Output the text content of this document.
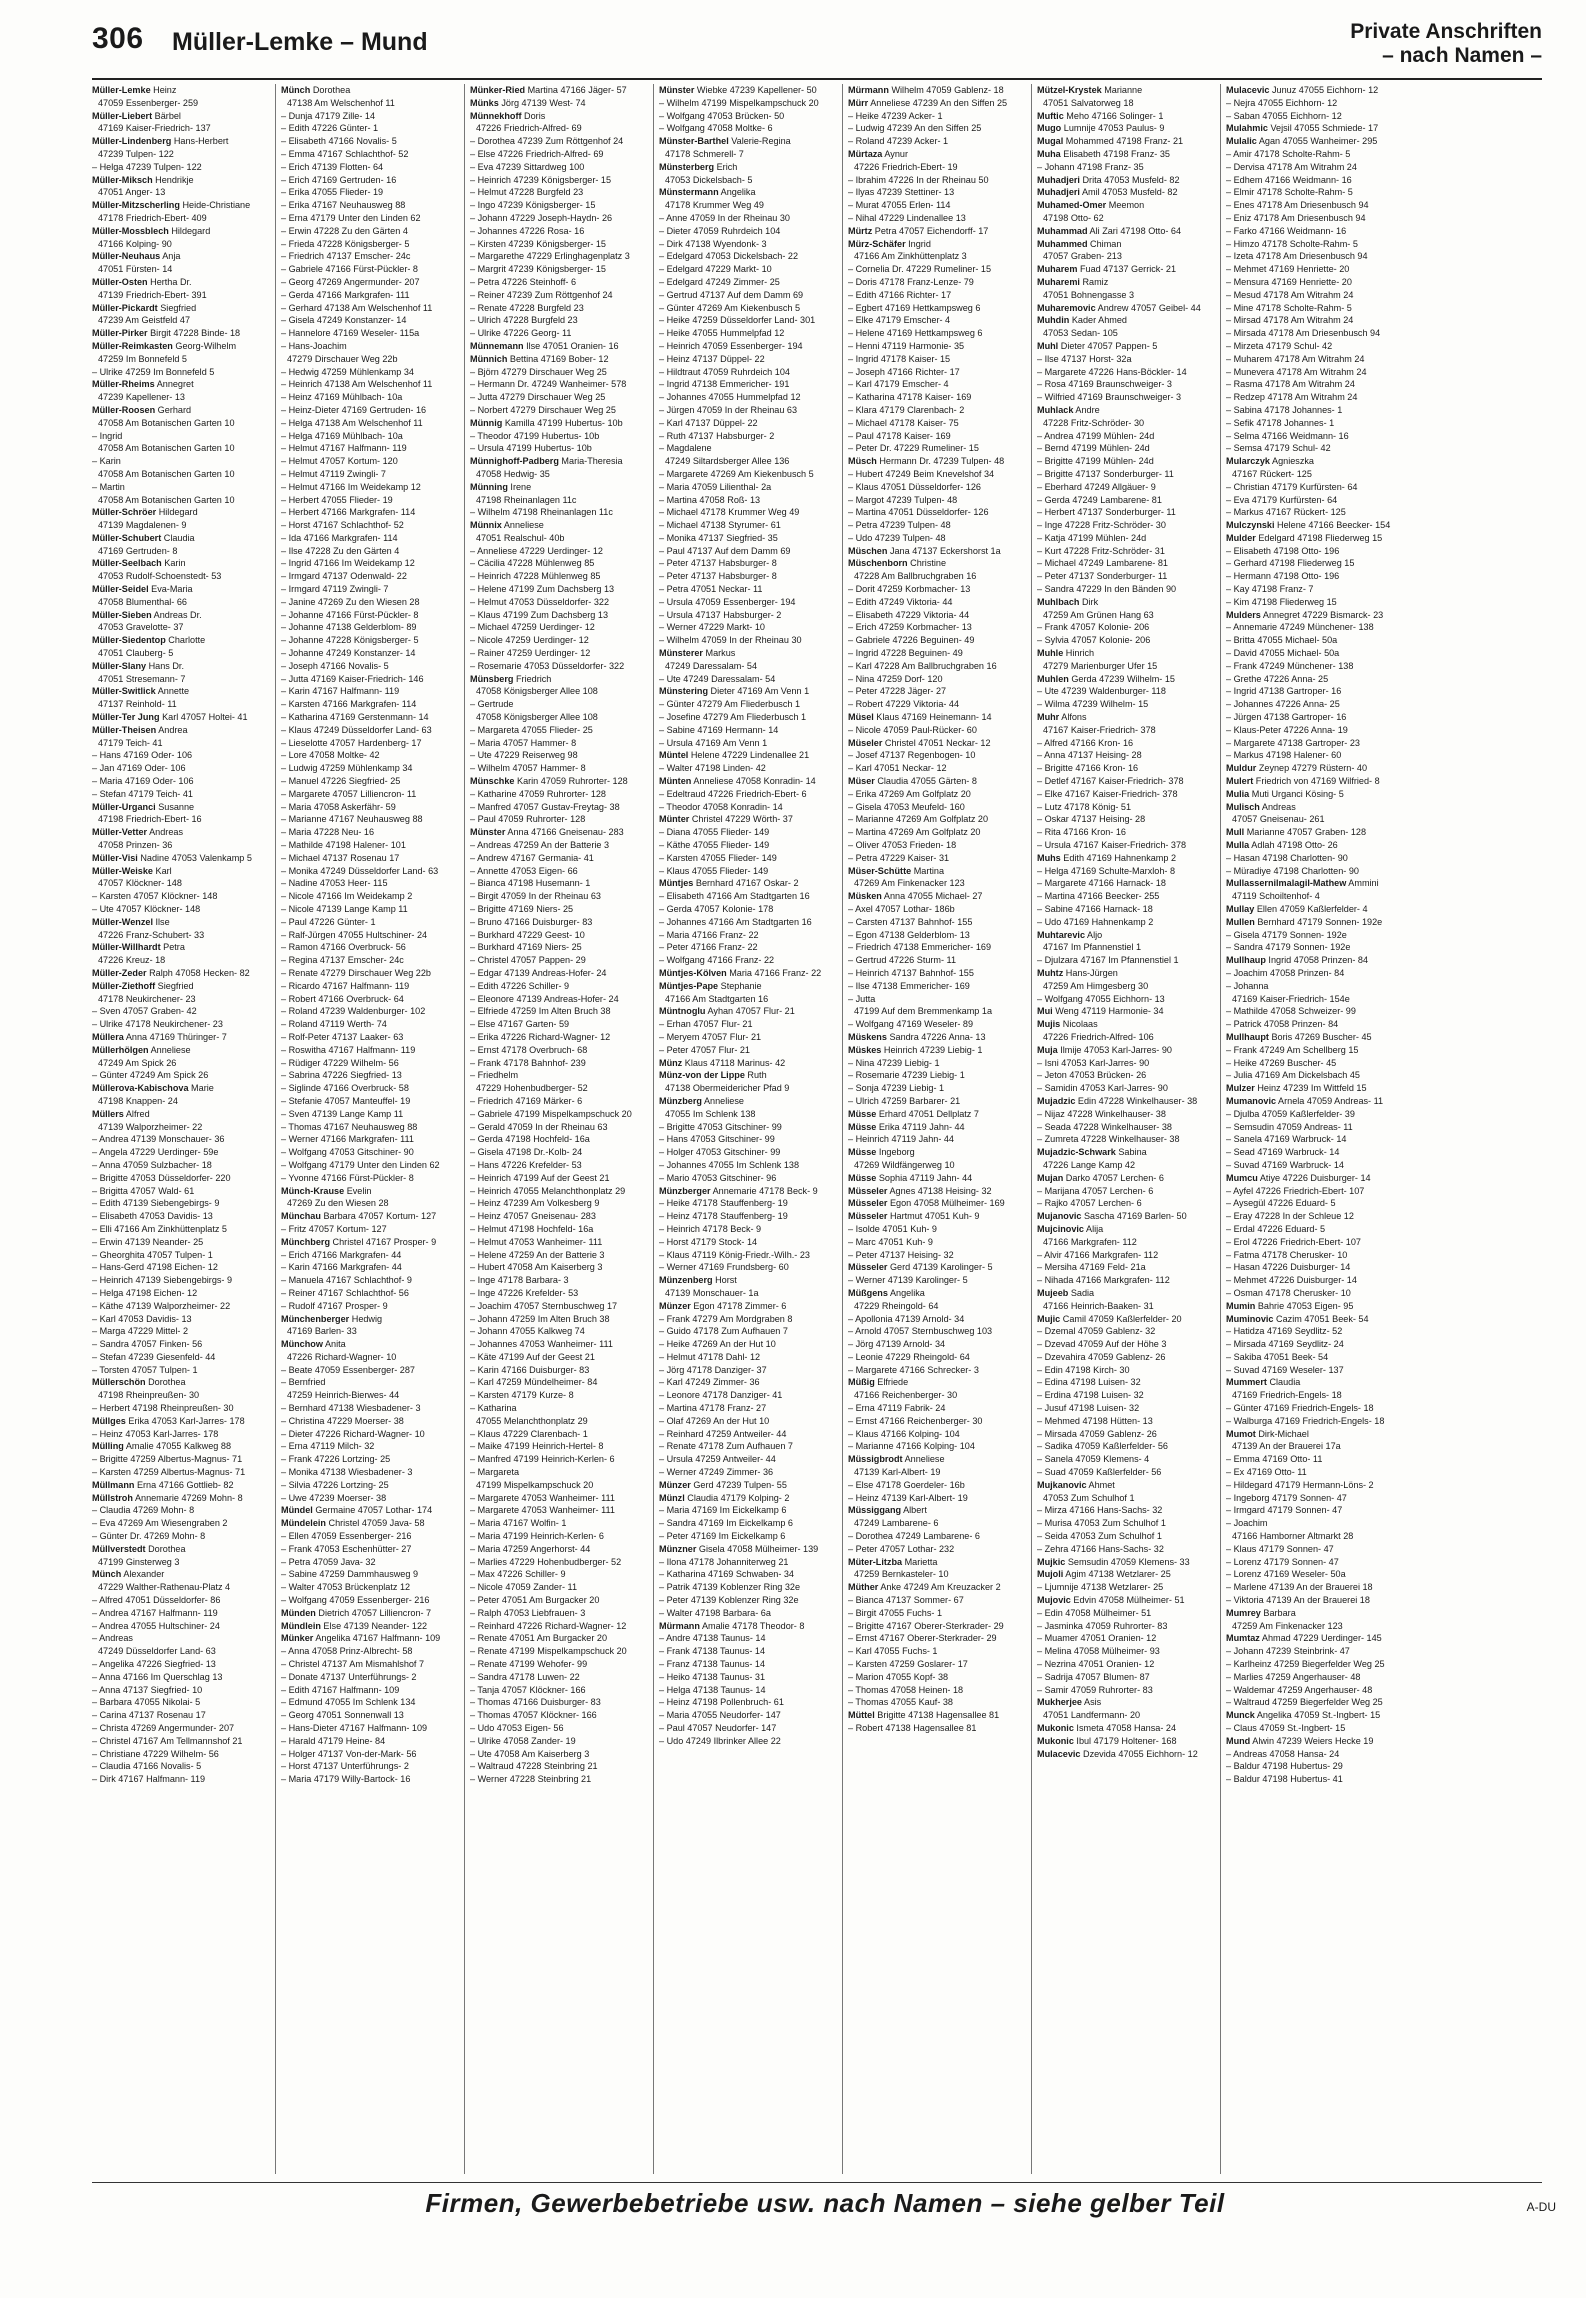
306 Müller-Lemke – Mund	Private Anschriften
– nach Namen –
Müller-Lemke Heinz
47059 Essenberger- 259
Müller-Liebert Bärbel
47169 Kaiser-Friedrich- 137
Müller-Lindenberg Hans-Herbert
47239 Tulpen- 122
– Helga 47239 Tulpen- 122
Müller-Miksch Hendrikje
47051 Anger- 13
Müller-Mitzscherling Heide-Christiane
47178 Friedrich-Ebert- 409
Müller-Mossblech Hildegard
47166 Kolping- 90
Müller-Neuhaus Anja
47051 Fürsten- 14
Müller-Osten Hertha Dr.
47139 Friedrich-Ebert- 391
Müller-Pickardt Siegfried
47239 Am Geistfeld 47
Müller-Pirker Birgit 47228 Binde- 18
Müller-Reimkasten Georg-Wilhelm
47259 Im Bonnefeld 5
– Ulrike 47259 Im Bonnefeld 5
Müller-Rheims Annegret
47239 Kapellener- 13
Müller-Roosen Gerhard
47058 Am Botanischen Garten 10
– Ingrid
47058 Am Botanischen Garten 10
– Karin
47058 Am Botanischen Garten 10
– Martin
47058 Am Botanischen Garten 10
Müller-Schröer Hildegard
47139 Magdalenen- 9
Müller-Schubert Claudia
47169 Gertruden- 8
Müller-Seelbach Karin
47053 Rudolf-Schoenstedt- 53
Müller-Seidel Eva-Maria
47058 Blumenthal- 66
Müller-Sieben Andreas Dr.
47053 Gravelotte- 37
Müller-Siedentop Charlotte
47051 Clauberg- 5
Müller-Slany Hans Dr.
47051 Stresemann- 7
Müller-Switlick Annette
47137 Reinhold- 11
Müller-Ter Jung Karl 47057 Holtei- 41
Müller-Theisen Andrea
47179 Teich- 41
– Hans 47169 Oder- 106
– Jan 47169 Oder- 106
– Maria 47169 Oder- 106
– Stefan 47179 Teich- 41
Müller-Urganci Susanne
47198 Friedrich-Ebert- 16
Müller-Vetter Andreas
47058 Prinzen- 36
Müller-Visi Nadine 47053 Valenkamp 5
Müller-Weiske Karl
47057 Klöckner- 148
– Karsten 47057 Klöckner- 148
– Ute 47057 Klöckner- 148
Müller-Wenzel Ilse
47226 Franz-Schubert- 33
Müller-Willhardt Petra
47226 Kreuz- 18
Müller-Zeder Ralph 47058 Hecken- 82
Müller-Ziethoff Siegfried
47178 Neukirchener- 23
– Sven 47057 Graben- 42
– Ulrike 47178 Neukirchener- 23
Müllera Anna 47169 Thüringer- 7
Müllerhölgen Anneliese
47249 Am Spick 26
– Günter 47249 Am Spick 26
Müllerova-Kabischova Marie
47198 Knappen- 24
Müllers Alfred
47139 Walporzheimer- 22
– Andrea 47139 Monschauer- 36
– Angela 47229 Uerdinger- 59e
– Anna 47059 Sulzbacher- 18
– Brigitte 47053 Düsseldorfer- 220
– Brigitta 47057 Wald- 61
– Edith 47139 Siebengebirgs- 9
– Elisabeth 47053 Davidis- 13
– Elli 47166 Am Zinkhüttenplatz 5
– Erwin 47139 Neander- 25
– Gheorghita 47057 Tulpen- 1
– Hans-Gerd 47198 Eichen- 12
– Heinrich 47139 Siebengebirgs- 9
– Helga 47198 Eichen- 12
– Käthe 47139 Walporzheimer- 22
– Karl 47053 Davidis- 13
– Marga 47229 Mittel- 2
– Sandra 47057 Finken- 56
– Stefan 47239 Giesenfeld- 44
– Torsten 47057 Tulpen- 1
Müllerschön Dorothea
47198 Rheinpreußen- 30
– Herbert 47198 Rheinpreußen- 30
Müllges Erika 47053 Karl-Jarres- 178
– Heinz 47053 Karl-Jarres- 178
Mülling Amalie 47055 Kalkweg 88
– Brigitte 47259 Albertus-Magnus- 71
– Karsten 47259 Albertus-Magnus- 71
Müllmann Erna 47166 Gottlieb- 82
Müllstroh Annemarie 47269 Mohn- 8
– Claudia 47269 Mohn- 8
– Eva 47269 Am Wiesengraben 2
– Günter Dr. 47269 Mohn- 8
Müllverstedt Dorothea
47199 Ginsterweg 3
Münch Alexander
47229 Walther-Rathenau-Platz 4
– Alfred 47051 Düsseldorfer- 86
– Andrea 47167 Halfmann- 119
– Andrea 47055 Hultschiner- 24
– Andreas
47249 Düsseldorfer Land- 63
– Angelika 47226 Siegfried- 13
– Anna 47166 Im Querschlag 13
– Anna 47137 Siegfried- 10
– Barbara 47055 Nikolai- 5
– Carina 47137 Rosenau 17
– Christa 47269 Angermunder- 207
– Christel 47167 Am Tellmannshof 21
– Christiane 47229 Wilhelm- 56
– Claudia 47166 Novalis- 5
– Dirk 47167 Halfmann- 119
Münch Dorothea
47138 Am Welschenhof 11
– Dunja 47179 Zille- 14
– Edith 47226 Günter- 1
– Elisabeth 47166 Novalis- 5
– Emma 47167 Schlachthof- 52
– Erich 47139 Flotten- 64
– Erich 47169 Gertruden- 16
– Erika 47055 Flieder- 19
– Erika 47167 Neuhausweg 88
– Erna 47179 Unter den Linden 62
– Erwin 47228 Zu den Gärten 4
– Frieda 47228 Königsberger- 5
– Friedrich 47137 Emscher- 24c
– Gabriele 47166 Fürst-Pückler- 8
– Georg 47269 Angermunder- 207
– Gerda 47166 Markgrafen- 111
– Gerhard 47138 Am Welschenhof 11
– Gisela 47249 Konstanzer- 14
– Hannelore 47169 Weseler- 115a
– Hans-Joachim
47279 Dirschauer Weg 22b
– Hedwig 47259 Mühlenkamp 34
– Heinrich 47138 Am Welschenhof 11
– Heinz 47169 Mühlbach- 10a
– Heinz-Dieter 47169 Gertruden- 16
– Helga 47138 Am Welschenhof 11
– Helga 47169 Mühlbach- 10a
– Helmut 47167 Halfmann- 119
– Helmut 47057 Kortum- 120
– Helmut 47119 Zwingli- 7
– Helmut 47166 Im Weidekamp 12
– Herbert 47055 Flieder- 19
– Herbert 47166 Markgrafen- 114
– Horst 47167 Schlachthof- 52
– Ida 47166 Markgrafen- 114
– Ilse 47228 Zu den Gärten 4
– Ingrid 47166 Im Weidekamp 12
– Irmgard 47137 Odenwald- 22
– Irmgard 47119 Zwingli- 7
– Janine 47269 Zu den Wiesen 28
– Johanne 47166 Fürst-Pückler- 8
– Johanne 47138 Gelderblom- 89
– Johanne 47228 Königsberger- 5
– Johanne 47249 Konstanzer- 14
– Joseph 47166 Novalis- 5
– Jutta 47169 Kaiser-Friedrich- 146
– Karin 47167 Halfmann- 119
– Karsten 47166 Markgrafen- 114
– Katharina 47169 Gerstenmann- 14
– Klaus 47249 Düsseldorfer Land- 63
– Lieselotte 47057 Hardenberg- 17
– Lore 47058 Moltke- 42
– Ludwig 47259 Mühlenkamp 34
– Manuel 47226 Siegfried- 25
– Margarete 47057 Lilliencron- 11
– Maria 47058 Askerfähr- 59
– Marianne 47167 Neuhausweg 88
– Maria 47228 Neu- 16
– Mathilde 47198 Halener- 101
– Michael 47137 Rosenau 17
– Monika 47249 Düsseldorfer Land- 63
– Nadine 47053 Heer- 115
– Nicole 47166 Im Weidekamp 2
– Nicole 47139 Lange Kamp 11
– Paul 47226 Günter- 1
– Ralf-Jürgen 47055 Hultschiner- 24
– Ramon 47166 Overbruck- 56
– Regina 47137 Emscher- 24c
– Renate 47279 Dirschauer Weg 22b
– Ricardo 47167 Halfmann- 119
– Robert 47166 Overbruck- 64
– Roland 47239 Waldenburger- 102
– Roland 47119 Werth- 74
– Rolf-Peter 47137 Laaker- 63
– Roswitha 47167 Halfmann- 119
– Rüdiger 47229 Wilhelm- 56
– Sabrina 47226 Siegfried- 13
– Siglinde 47166 Overbruck- 58
– Stefanie 47057 Manteuffel- 19
– Sven 47139 Lange Kamp 11
– Thomas 47167 Neuhausweg 88
– Werner 47166 Markgrafen- 111
– Wolfgang 47053 Gitschiner- 90
– Wolfgang 47179 Unter den Linden 62
– Yvonne 47166 Fürst-Pückler- 8
Münch-Krause Evelin
47269 Zu den Wiesen 28
Münchau Barbara 47057 Kortum- 127
– Fritz 47057 Kortum- 127
Münchberg Christel 47167 Prosper- 9
– Erich 47166 Markgrafen- 44
– Karin 47166 Markgrafen- 44
– Manuela 47167 Schlachthof- 9
– Reiner 47167 Schlachthof- 56
– Rudolf 47167 Prosper- 9
Münchenberger Hedwig
47169 Barlen- 33
Münchow Anita
47226 Richard-Wagner- 10
– Beate 47059 Essenberger- 287
– Bernfried
47259 Heinrich-Bierwes- 44
– Bernhard 47138 Wiesbadener- 3
– Christina 47229 Moerser- 38
– Dieter 47226 Richard-Wagner- 10
– Erna 47119 Milch- 32
– Frank 47226 Lortzing- 25
– Monika 47138 Wiesbadener- 3
– Silvia 47226 Lortzing- 25
– Uwe 47239 Moerser- 38
Mündel Germaine 47057 Lothar- 174
Mündelein Christel 47059 Java- 58
– Ellen 47059 Essenberger- 216
– Frank 47053 Eschenhütter- 27
– Petra 47059 Java- 32
– Sabine 47259 Dammhausweg 9
– Walter 47053 Brückenplatz 12
– Wolfgang 47059 Essenberger- 216
Münden Dietrich 47057 Lilliencron- 7
Mündlein Else 47139 Neander- 122
Münker Angelika 47167 Halfmann- 109
– Anna 47058 Prinz-Albrecht- 58
– Christel 47137 Am Mismahlshof 7
– Donate 47137 Unterführungs- 2
– Edith 47167 Halfmann- 109
– Edmund 47055 Im Schlenk 134
– Georg 47051 Sonnenwall 13
– Hans-Dieter 47167 Halfmann- 109
– Harald 47179 Heine- 84
– Holger 47137 Von-der-Mark- 56
– Horst 47137 Unterführungs- 2
– Maria 47179 Willy-Bartock- 16
Münker-Ried Martina 47166 Jäger- 57
Münks Jörg 47139 West- 74
Münnekhoff Doris
47226 Friedrich-Alfred- 69
– Dorothea 47239 Zum Röttgenhof 24
– Else 47226 Friedrich-Alfred- 69
– Eva 47239 Sittardweg 100
– Heinrich 47239 Königsberger- 15
– Helmut 47228 Burgfeld 23
– Ingo 47239 Königsberger- 15
– Johann 47229 Joseph-Haydn- 26
– Johannes 47226 Rosa- 16
– Kirsten 47239 Königsberger- 15
– Margarethe 47229 Erlinghagenplatz 3
– Margrit 47239 Königsberger- 15
– Petra 47226 Steinhoff- 6
– Reiner 47239 Zum Röttgenhof 24
– Renate 47228 Burgfeld 23
– Ulrich 47228 Burgfeld 23
– Ulrike 47226 Georg- 11
Münnemann Ilse 47051 Oranien- 16
Münnich Bettina 47169 Bober- 12
– Björn 47279 Dirschauer Weg 25
– Hermann Dr. 47249 Wanheimer- 578
– Jutta 47279 Dirschauer Weg 25
– Norbert 47279 Dirschauer Weg 25
Münnig Kamilla 47199 Hubertus- 10b
– Theodor 47199 Hubertus- 10b
– Ursula 47199 Hubertus- 10b
Münnighoff-Padberg Maria-Theresia
47058 Hedwig- 35
Münning Irene
47198 Rheinanlagen 11c
– Wilhelm 47198 Rheinanlagen 11c
Münnix Anneliese
47051 Realschul- 40b
– Anneliese 47229 Uerdinger- 12
– Cäcilia 47228 Mühlenweg 85
– Heinrich 47228 Mühlenweg 85
– Helene 47199 Zum Dachsberg 13
– Helmut 47053 Düsseldorfer- 322
– Klaus 47199 Zum Dachsberg 13
– Michael 47259 Uerdinger- 12
– Nicole 47259 Uerdinger- 12
– Rainer 47259 Uerdinger- 12
– Rosemarie 47053 Düsseldorfer- 322
Münsberg Friedrich
47058 Königsberger Allee 108
– Gertrude
47058 Königsberger Allee 108
– Margareta 47055 Flieder- 25
– Maria 47057 Hammer- 8
– Ute 47229 Reiserweg 98
– Wilhelm 47057 Hammer- 8
Münschke Karin 47059 Ruhrorter- 128
– Katharine 47059 Ruhrorter- 128
– Manfred 47057 Gustav-Freytag- 38
– Paul 47059 Ruhrorter- 128
Münster Anna 47166 Gneisenau- 283
– Andreas 47259 An der Batterie 3
– Andrew 47167 Germania- 41
– Annette 47053 Eigen- 66
– Bianca 47198 Husemann- 1
– Birgit 47059 In der Rheinau 63
– Brigitte 47169 Niers- 25
– Bruno 47166 Duisburger- 83
– Burkhard 47229 Geest- 10
– Burkhard 47169 Niers- 25
– Christel 47057 Pappen- 29
– Edgar 47139 Andreas-Hofer- 24
– Edith 47226 Schiller- 9
– Eleonore 47139 Andreas-Hofer- 24
– Elfriede 47259 Im Alten Bruch 38
– Else 47167 Garten- 59
– Erika 47226 Richard-Wagner- 12
– Ernst 47178 Overbruch- 68
– Frank 47178 Bahnhof- 239
– Friedhelm
47229 Hohenbudberger- 52
– Friedrich 47169 Märker- 6
– Gabriele 47199 Mispelkampschuck 20
– Gerald 47059 In der Rheinau 63
– Gerda 47198 Hochfeld- 16a
– Gisela 47198 Dr.-Kolb- 24
– Hans 47226 Krefelder- 53
– Heinrich 47199 Auf der Geest 21
– Heinrich 47055 Melanchthonplatz 29
– Heinz 47239 Am Volkesberg 9
– Heinz 47057 Gneisenau- 283
– Helmut 47198 Hochfeld- 16a
– Helmut 47053 Wanheimer- 111
– Helene 47259 An der Batterie 3
– Hubert 47058 Am Kaiserberg 3
– Inge 47178 Barbara- 3
– Inge 47226 Krefelder- 53
– Joachim 47057 Sternbuschweg 17
– Johann 47259 Im Alten Bruch 38
– Johann 47055 Kalkweg 74
– Johannes 47053 Wanheimer- 111
– Käte 47199 Auf der Geest 21
– Karin 47166 Duisburger- 83
– Karl 47259 Mündelheimer- 84
– Karsten 47179 Kurze- 8
– Katharina
47055 Melanchthonplatz 29
– Klaus 47229 Clarenbach- 1
– Maike 47199 Heinrich-Hertel- 8
– Manfred 47199 Heinrich-Kerlen- 6
– Margareta
47199 Mispelkampschuck 20
– Margarete 47053 Wanheimer- 111
– Margarete 47053 Wanheimer- 111
– Maria 47167 Wolfin- 1
– Maria 47199 Heinrich-Kerlen- 6
– Maria 47259 Angerhorst- 44
– Marlies 47229 Hohenbudberger- 52
– Max 47226 Schiller- 9
– Nicole 47059 Zander- 11
– Peter 47051 Am Burgacker 20
– Ralph 47053 Liebfrauen- 3
– Reinhard 47226 Richard-Wagner- 12
– Renate 47051 Am Burgacker 20
– Renate 47199 Mispelkampschuck 20
– Renate 47199 Wehofer- 99
– Sandra 47178 Luwen- 22
– Tanja 47057 Klöckner- 166
– Thomas 47166 Duisburger- 83
– Thomas 47057 Klöckner- 166
– Udo 47053 Eigen- 56
– Ulrike 47058 Zander- 19
– Ute 47058 Am Kaiserberg 3
– Waltraud 47228 Steinbring 21
– Werner 47228 Steinbring 21
Münster Wiebke 47239 Kapellener- 50
– Wilhelm 47199 Mispelkampschuck 20
– Wolfgang 47053 Brücken- 50
– Wolfgang 47058 Moltke- 6
Münster-Barthel Valerie-Regina
47178 Schmerell- 7
Münsterberg Erich
47053 Dickelsbach- 5
Münstermann Angelika
47178 Krummer Weg 49
– Anne 47059 In der Rheinau 30
– Dieter 47059 Ruhrdeich 104
– Dirk 47138 Wyendonk- 3
– Edelgard 47053 Dickelsbach- 22
– Edelgard 47229 Markt- 10
– Edelgard 47249 Zimmer- 25
– Gertrud 47137 Auf dem Damm 69
– Günter 47269 Am Kiekenbusch 5
– Heike 47259 Düsseldorfer Land- 301
– Heike 47055 Hummelpfad 12
– Heinrich 47059 Essenberger- 194
– Heinz 47137 Düppel- 22
– Hildtraut 47059 Ruhrdeich 104
– Ingrid 47138 Emmericher- 191
– Johannes 47055 Hummelpfad 12
– Jürgen 47059 In der Rheinau 63
– Karl 47137 Düppel- 22
– Ruth 47137 Habsburger- 2
– Magdalene
47249 Siltardsberger Allee 136
– Margarete 47269 Am Kiekenbusch 5
– Maria 47059 Lilienthal- 2a
– Martina 47058 Roß- 13
– Michael 47178 Krummer Weg 49
– Michael 47138 Styrumer- 61
– Monika 47137 Siegfried- 35
– Paul 47137 Auf dem Damm 69
– Peter 47137 Habsburger- 8
– Peter 47137 Habsburger- 8
– Petra 47051 Neckar- 11
– Ursula 47059 Essenberger- 194
– Ursula 47137 Habsburger- 2
– Werner 47229 Markt- 10
– Wilhelm 47059 In der Rheinau 30
Münsterer Markus
47249 Daressalam- 54
– Ute 47249 Daressalam- 54
Münstering Dieter 47169 Am Venn 1
– Günter 47279 Am Fliederbusch 1
– Josefine 47279 Am Fliederbusch 1
– Sabine 47169 Hermann- 14
– Ursula 47169 Am Venn 1
Müntel Helene 47229 Lindenallee 21
– Walter 47198 Linden- 42
Münten Anneliese 47058 Konradin- 14
– Edeltraud 47226 Friedrich-Ebert- 6
– Theodor 47058 Konradin- 14
Münter Christel 47229 Wörth- 37
– Diana 47055 Flieder- 149
– Käthe 47055 Flieder- 149
– Karsten 47055 Flieder- 149
– Klaus 47055 Flieder- 149
Müntjes Bernhard 47167 Oskar- 2
– Elisabeth 47166 Am Stadtgarten 16
– Gerda 47057 Kolonie- 178
– Johannes 47166 Am Stadtgarten 16
– Maria 47166 Franz- 22
– Peter 47166 Franz- 22
– Wolfgang 47166 Franz- 22
Müntjes-Kölven Maria 47166 Franz- 22
Müntjes-Pape Stephanie
47166 Am Stadtgarten 16
Müntnoglu Ayhan 47057 Flur- 21
– Erhan 47057 Flur- 21
– Meryem 47057 Flur- 21
– Peter 47057 Flur- 21
Münz Klaus 47118 Marinus- 42
Münz-von der Lippe Ruth
47138 Obermeidericher Pfad 9
Münzberg Anneliese
47055 Im Schlenk 138
– Brigitte 47053 Gitschiner- 99
– Hans 47053 Gitschiner- 99
– Holger 47053 Gitschiner- 99
– Johannes 47055 Im Schlenk 138
– Mario 47053 Gitschiner- 96
Münzberger Annemarie 47178 Beck- 9
– Heike 47178 Stauffenberg- 19
– Heinz 47178 Stauffenberg- 19
– Heinrich 47178 Beck- 9
– Horst 47179 Stock- 14
– Klaus 47119 König-Friedr.-Wilh.- 23
– Werner 47169 Frundsberg- 60
Münzenberg Horst
47139 Monschauer- 1a
Münzer Egon 47178 Zimmer- 6
– Frank 47279 Am Mordgraben 8
– Guido 47178 Zum Aufhauen 7
– Heike 47269 An der Hut 10
– Helmut 47178 Dahl- 12
– Jörg 47178 Danziger- 37
– Karl 47249 Zimmer- 36
– Leonore 47178 Danziger- 41
– Martina 47178 Franz- 27
– Olaf 47269 An der Hut 10
– Reinhard 47259 Antweiler- 44
– Renate 47178 Zum Aufhauen 7
– Ursula 47259 Antweiler- 44
– Werner 47249 Zimmer- 36
Münzer Gerd 47239 Tulpen- 55
Münzl Claudia 47179 Kolping- 2
– Maria 47169 Im Eickelkamp 6
– Sandra 47169 Im Eickelkamp 6
– Peter 47169 Im Eickelkamp 6
Münzner Gisela 47058 Mülheimer- 139
– Ilona 47178 Johanniterweg 21
– Katharina 47169 Schwaben- 34
– Patrik 47139 Koblenzer Ring 32e
– Peter 47139 Koblenzer Ring 32e
– Walter 47198 Barbara- 6a
Mürmann Amalie 47178 Theodor- 8
– Andre 47138 Taunus- 14
– Frank 47138 Taunus- 14
– Franz 47138 Taunus- 14
– Heiko 47138 Taunus- 31
– Helga 47138 Taunus- 14
– Heinz 47198 Pollenbruch- 61
– Maria 47055 Neudorfer- 147
– Paul 47057 Neudorfer- 147
– Udo 47249 Ilbrinker Allee 22
Mürmann Wilhelm 47059 Gablenz- 18
Mürr Anneliese 47239 An den Siffen 25
– Heike 47239 Acker- 1
– Ludwig 47239 An den Siffen 25
– Roland 47239 Acker- 1
Mürtaza Aynur
47226 Friedrich-Ebert- 19
– Ibrahim 47226 In der Rheinau 50
– Ilyas 47239 Stettiner- 13
– Murat 47055 Erlen- 114
– Nihal 47229 Lindenallee 13
Mürtz Petra 47057 Eichendorff- 17
Mürz-Schäfer Ingrid
47166 Am Zinkhüttenplatz 3
– Cornelia Dr. 47229 Rumeliner- 15
– Doris 47178 Franz-Lenze- 79
– Edith 47166 Richter- 17
– Egbert 47169 Hettkampsweg 6
– Elke 47179 Emscher- 4
– Helene 47169 Hettkampsweg 6
– Henni 47119 Harmonie- 35
– Ingrid 47178 Kaiser- 15
– Joseph 47166 Richter- 17
– Karl 47179 Emscher- 4
– Katharina 47178 Kaiser- 169
– Klara 47179 Clarenbach- 2
– Michael 47178 Kaiser- 75
– Paul 47178 Kaiser- 169
– Peter Dr. 47229 Rumeliner- 15
Müsch Hermann Dr. 47239 Tulpen- 48
– Hubert 47249 Beim Knevelshof 34
– Klaus 47051 Düsseldorfer- 126
– Margot 47239 Tulpen- 48
– Martina 47051 Düsseldorfer- 126
– Petra 47239 Tulpen- 48
– Udo 47239 Tulpen- 48
Müschen Jana 47137 Eckershorst 1a
Müschenborn Christine
47228 Am Ballbruchgraben 16
– Dorit 47259 Korbmacher- 13
– Edith 47249 Viktoria- 44
– Elisabeth 47229 Viktoria- 44
– Erich 47259 Korbmacher- 13
– Gabriele 47226 Beguinen- 49
– Ingrid 47228 Beguinen- 49
– Karl 47228 Am Ballbruchgraben 16
– Nina 47259 Dorf- 120
– Peter 47228 Jäger- 27
– Robert 47229 Viktoria- 44
Müsel Klaus 47169 Heinemann- 14
– Nicole 47059 Paul-Rücker- 60
Müseler Christel 47051 Neckar- 12
– Josef 47137 Regenbogen- 10
– Karl 47051 Neckar- 12
Müser Claudia 47055 Gärten- 8
– Erika 47269 Am Golfplatz 20
– Gisela 47053 Meufeld- 160
– Marianne 47269 Am Golfplatz 20
– Martina 47269 Am Golfplatz 20
– Oliver 47053 Frieden- 18
– Petra 47229 Kaiser- 31
Müser-Schütte Martina
47269 Am Finkenacker 123
Müsken Anna 47055 Michael- 27
– Axel 47057 Lothar- 186b
– Carsten 47137 Bahnhof- 155
– Egon 47138 Gelderblom- 13
– Friedrich 47138 Emmericher- 169
– Gertrud 47226 Sturm- 11
– Heinrich 47137 Bahnhof- 155
– Ilse 47138 Emmericher- 169
– Jutta
47199 Auf dem Bremmenkamp 1a
– Wolfgang 47169 Weseler- 89
Müskens Sandra 47226 Anna- 13
Müskes Heinrich 47239 Liebig- 1
– Nina 47239 Liebig- 1
– Rosemarie 47239 Liebig- 1
– Sonja 47239 Liebig- 1
– Ulrich 47259 Barbarer- 21
Müsse Erhard 47051 Dellplatz 7
Müsse Erika 47119 Jahn- 44
– Heinrich 47119 Jahn- 44
Müsse Ingeborg
47269 Wildfängerweg 10
Müsse Sophia 47119 Jahn- 44
Müsseler Agnes 47138 Heising- 32
Müsseler Egon 47058 Mülheimer- 169
Müsseler Hartmut 47051 Kuh- 9
– Isolde 47051 Kuh- 9
– Marc 47051 Kuh- 9
– Peter 47137 Heising- 32
Müsseler Gerd 47139 Karolinger- 5
– Werner 47139 Karolinger- 5
Müßgens Angelika
47229 Rheingold- 64
– Apollonia 47139 Arnold- 34
– Arnold 47057 Sternbuschweg 103
– Jörg 47139 Arnold- 34
– Leonie 47229 Rheingold- 64
– Margarete 47166 Schrecker- 3
Müßig Elfriede
47166 Reichenberger- 30
– Erna 47119 Fabrik- 24
– Ernst 47166 Reichenberger- 30
– Klaus 47166 Kolping- 104
– Marianne 47166 Kolping- 104
Müssigbrodt Anneliese
47139 Karl-Albert- 19
– Else 47178 Goerdeler- 16b
– Heinz 47139 Karl-Albert- 19
Müssiggang Albert
47249 Lambarene- 6
– Dorothea 47249 Lambarene- 6
– Peter 47057 Lothar- 232
Müter-Litzba Marietta
47259 Bernkasteler- 10
Müther Anke 47249 Am Kreuzacker 2
– Bianca 47137 Sommer- 67
– Birgit 47055 Fuchs- 1
– Brigitte 47167 Oberer-Sterkrader- 29
– Ernst 47167 Oberer-Sterkrader- 29
– Karl 47055 Fuchs- 1
– Karsten 47259 Goslarer- 17
– Marion 47055 Kopf- 38
– Thomas 47058 Heinen- 18
– Thomas 47055 Kauf- 38
Müttel Brigitte 47138 Hagensallee 81
– Robert 47138 Hagensallee 81
Mützel-Krystek Marianne
47051 Salvatorweg 18
Muftic Meho 47166 Solinger- 1
Mugo Lumnije 47053 Paulus- 9
Mugal Mohammed 47198 Franz- 21
Muha Elisabeth 47198 Franz- 35
– Johann 47198 Franz- 35
Muhadjeri Drita 47053 Musfeld- 82
Muhadjeri Amil 47053 Musfeld- 82
Muhamed-Omer Meemon
47198 Otto- 62
Muhammad Ali Zari 47198 Otto- 64
Muhammed Chiman
47057 Graben- 213
Muharem Fuad 47137 Gerrick- 21
Muharemi Ramiz
47051 Bohnengasse 3
Muharemovic Andrew 47057 Geibel- 44
Muhdin Kader Ahmed
47053 Sedan- 105
Muhl Dieter 47057 Pappen- 5
– Ilse 47137 Horst- 32a
– Margarete 47226 Hans-Böckler- 14
– Rosa 47169 Braunschweiger- 3
– Wilfried 47169 Braunschweiger- 3
Muhlack Andre
47228 Fritz-Schröder- 30
– Andrea 47199 Mühlen- 24d
– Bernd 47199 Mühlen- 24d
– Brigitte 47199 Mühlen- 24d
– Brigitte 47137 Sonderburger- 11
– Eberhard 47249 Allgäuer- 9
– Gerda 47249 Lambarene- 81
– Herbert 47137 Sonderburger- 11
– Inge 47228 Fritz-Schröder- 30
– Katja 47199 Mühlen- 24d
– Kurt 47228 Fritz-Schröder- 31
– Michael 47249 Lambarene- 81
– Peter 47137 Sonderburger- 11
– Sandra 47229 In den Bänden 90
Muhlbach Dirk
47259 Am Grünen Hang 63
– Frank 47057 Kolonie- 206
– Sylvia 47057 Kolonie- 206
Muhle Hinrich
47279 Marienburger Ufer 15
Muhlen Gerda 47239 Wilhelm- 15
– Ute 47239 Waldenburger- 118
– Wilma 47239 Wilhelm- 15
Muhr Alfons
47167 Kaiser-Friedrich- 378
– Alfred 47166 Kron- 16
– Anna 47137 Heising- 28
– Brigitte 47166 Kron- 16
– Detlef 47167 Kaiser-Friedrich- 378
– Elke 47167 Kaiser-Friedrich- 378
– Lutz 47178 König- 51
– Oskar 47137 Heising- 28
– Rita 47166 Kron- 16
– Ursula 47167 Kaiser-Friedrich- 378
Muhs Edith 47169 Hahnenkamp 2
– Helga 47169 Schulte-Marxloh- 8
– Margarete 47166 Harnack- 18
– Martina 47166 Beecker- 255
– Sabine 47166 Harnack- 18
– Udo 47169 Hahnenkamp 2
Muhtarevic Aljo
47167 Im Pfannenstiel 1
– Djulzara 47167 Im Pfannenstiel 1
Muhtz Hans-Jürgen
47259 Am Himgesberg 30
– Wolfgang 47055 Eichhorn- 13
Mui Weng 47119 Harmonie- 34
Mujis Nicolaas
47226 Friedrich-Alfred- 106
Muja Ilmije 47053 Karl-Jarres- 90
– Isni 47053 Karl-Jarres- 90
– Jeton 47053 Brücken- 26
– Samidin 47053 Karl-Jarres- 90
Mujadzic Edin 47228 Winkelhauser- 38
– Nijaz 47228 Winkelhauser- 38
– Seada 47228 Winkelhauser- 38
– Zumreta 47228 Winkelhauser- 38
Mujadzic-Schwark Sabina
47226 Lange Kamp 42
Mujan Darko 47057 Lerchen- 6
– Marijana 47057 Lerchen- 6
– Rajko 47057 Lerchen- 6
Mujanovic Sascha 47169 Barlen- 50
Mujcinovic Alija
47166 Markgrafen- 112
– Alvir 47166 Markgrafen- 112
– Mersiha 47169 Feld- 21a
– Nihada 47166 Markgrafen- 112
Mujeeb Sadia
47166 Heinrich-Baaken- 31
Mujic Camil 47059 Kaßlerfelder- 20
– Dzemal 47059 Gablenz- 32
– Dzevad 47059 Auf der Höhe 3
– Dzevahira 47059 Gablenz- 26
– Edin 47198 Kirch- 30
– Edina 47198 Luisen- 32
– Erdina 47198 Luisen- 32
– Jusuf 47198 Luisen- 32
– Mehmed 47198 Hütten- 13
– Mirsada 47059 Gablenz- 26
– Sadika 47059 Kaßlerfelder- 56
– Sanela 47059 Klemens- 4
– Suad 47059 Kaßlerfelder- 56
Mujkanovic Ahmet
47053 Zum Schulhof 1
– Mirza 47166 Hans-Sachs- 32
– Murisa 47053 Zum Schulhof 1
– Seida 47053 Zum Schulhof 1
– Zehra 47166 Hans-Sachs- 32
Mujkic Semsudin 47059 Klemens- 33
Mujoli Agim 47138 Wetzlarer- 25
– Ljumnije 47138 Wetzlarer- 25
Mujovic Edvin 47058 Mülheimer- 51
– Edin 47058 Mülheimer- 51
– Jasminka 47059 Ruhrorter- 83
– Muamer 47051 Oranien- 12
– Melina 47058 Mülheimer- 93
– Nezrina 47051 Oranien- 12
– Sadrija 47057 Blumen- 87
– Samir 47059 Ruhrorter- 83
Mukherjee Asis
47051 Landfermann- 20
Mukonic Ismeta 47058 Hansa- 24
Mukonic Ibul 47179 Holtener- 168
Mulacevic Dzevida 47055 Eichhorn- 12
Mulacevic Junuz 47055 Eichhorn- 12
– Nejra 47055 Eichhorn- 12
– Saban 47055 Eichhorn- 12
Mulahmic Vejsil 47055 Schmiede- 17
Mulalic Agan 47055 Wanheimer- 295
– Amir 47178 Scholte-Rahm- 5
– Dervisa 47178 Am Witrahm 24
– Edhem 47166 Weidmann- 16
– Elmir 47178 Scholte-Rahm- 5
– Enes 47178 Am Driesenbusch 94
– Eniz 47178 Am Driesenbusch 94
– Farko 47166 Weidmann- 16
– Himzo 47178 Scholte-Rahm- 5
– Izeta 47178 Am Driesenbusch 94
– Mehmet 47169 Henriette- 20
– Mensura 47169 Henriette- 20
– Mesud 47178 Am Witrahm 24
– Mine 47178 Scholte-Rahm- 5
– Mirsad 47178 Am Witrahm 24
– Mirsada 47178 Am Driesenbusch 94
– Mirzeta 47179 Schul- 42
– Muharem 47178 Am Witrahm 24
– Munevera 47178 Am Witrahm 24
– Rasma 47178 Am Witrahm 24
– Redzep 47178 Am Witrahm 24
– Sabina 47178 Johannes- 1
– Sefik 47178 Johannes- 1
– Selma 47166 Weidmann- 16
– Semsa 47179 Schul- 42
Mularczyk Agnieszka
47167 Rückert- 125
– Christian 47179 Kurfürsten- 64
– Eva 47179 Kurfürsten- 64
– Markus 47167 Rückert- 125
Mulczynski Helene 47166 Beecker- 154
Mulder Edelgard 47198 Fliederweg 15
– Elisabeth 47198 Otto- 196
– Gerhard 47198 Fliederweg 15
– Hermann 47198 Otto- 196
– Kay 47198 Franz- 7
– Kim 47198 Fliederweg 15
Mulders Annegret 47229 Bismarck- 23
– Annemarie 47249 Münchener- 138
– Britta 47055 Michael- 50a
– David 47055 Michael- 50a
– Frank 47249 Münchener- 138
– Grethe 47226 Anna- 25
– Ingrid 47138 Gartroper- 16
– Johannes 47226 Anna- 25
– Jürgen 47138 Gartroper- 16
– Klaus-Peter 47226 Anna- 19
– Margarete 47138 Gartroper- 23
– Markus 47198 Halener- 60
Muldur Zeynep 47279 Rüstern- 40
Mulert Friedrich von 47169 Wilfried- 8
Mulia Muti Urganci Kösing- 5
Mulisch Andreas
47057 Gneisenau- 261
Mull Marianne 47057 Graben- 128
Mulla Adlah 47198 Otto- 26
– Hasan 47198 Charlotten- 90
– Müradiye 47198 Charlotten- 90
Mullassernilmalagil-Mathew Ammini
47119 Schoiltenhof- 4
Mullay Ellen 47059 Kaßlerfelder- 4
Mullen Bernhard 47179 Sonnen- 192e
– Gisela 47179 Sonnen- 192e
– Sandra 47179 Sonnen- 192e
Mullhaup Ingrid 47058 Prinzen- 84
– Joachim 47058 Prinzen- 84
– Johanna
47169 Kaiser-Friedrich- 154e
– Mathilde 47058 Schweizer- 99
– Patrick 47058 Prinzen- 84
Mullhaupt Boris 47269 Buscher- 45
– Frank 47249 Am Schellberg 15
– Heike 47269 Buscher- 45
– Julia 47169 Am Dickelsbach 45
Mulzer Heinz 47239 Im Wittfeld 15
Mumanovic Arnela 47059 Andreas- 11
– Djulba 47059 Kaßlerfelder- 39
– Semsudin 47059 Andreas- 11
– Sanela 47169 Warbruck- 14
– Sead 47169 Warbruck- 14
– Suvad 47169 Warbruck- 14
Mumcu Atiye 47226 Duisburger- 14
– Ayfel 47226 Friedrich-Ebert- 107
– Aysegül 47226 Eduard- 5
– Eray 47228 In der Schleue 12
– Erdal 47226 Eduard- 5
– Erol 47226 Friedrich-Ebert- 107
– Fatma 47178 Cherusker- 10
– Hasan 47226 Duisburger- 14
– Mehmet 47226 Duisburger- 14
– Osman 47178 Cherusker- 10
Mumin Bahrie 47053 Eigen- 95
Muminovic Cazim 47051 Beek- 54
– Hatidza 47169 Seydlitz- 52
– Mirsada 47169 Seydlitz- 24
– Sakiba 47051 Beek- 54
– Suvad 47169 Weseler- 137
Mummert Claudia
47169 Friedrich-Engels- 18
– Günter 47169 Friedrich-Engels- 18
– Walburga 47169 Friedrich-Engels- 18
Mumot Dirk-Michael
47139 An der Brauerei 17a
– Emma 47169 Otto- 11
– Ex 47169 Otto- 11
– Hildegard 47179 Hermann-Löns- 2
– Ingeborg 47179 Sonnen- 47
– Irmgard 47179 Sonnen- 47
– Joachim
47166 Hamborner Altmarkt 28
– Klaus 47179 Sonnen- 47
– Lorenz 47179 Sonnen- 47
– Lorenz 47169 Weseler- 50a
– Marlene 47139 An der Brauerei 18
– Viktoria 47139 An der Brauerei 18
Mumrey Barbara
47259 Am Finkenacker 123
Mumtaz Ahmad 47229 Uerdinger- 145
– Johann 47239 Steinbrink- 47
– Karlheinz 47259 Biegerfelder Weg 25
– Marlies 47259 Angerhauser- 48
– Waldemar 47259 Angerhauser- 48
– Waltraud 47259 Biegerfelder Weg 25
Munck Angelika 47059 St.-Ingbert- 15
– Claus 47059 St.-Ingbert- 15
Mund Alwin 47239 Weiers Hecke 19
– Andreas 47058 Hansa- 24
– Baldur 47198 Hubertus- 29
– Baldur 47198 Hubertus- 41
Firmen, Gewerbebetriebe usw. nach Namen – siehe gelber Teil	A-DU
